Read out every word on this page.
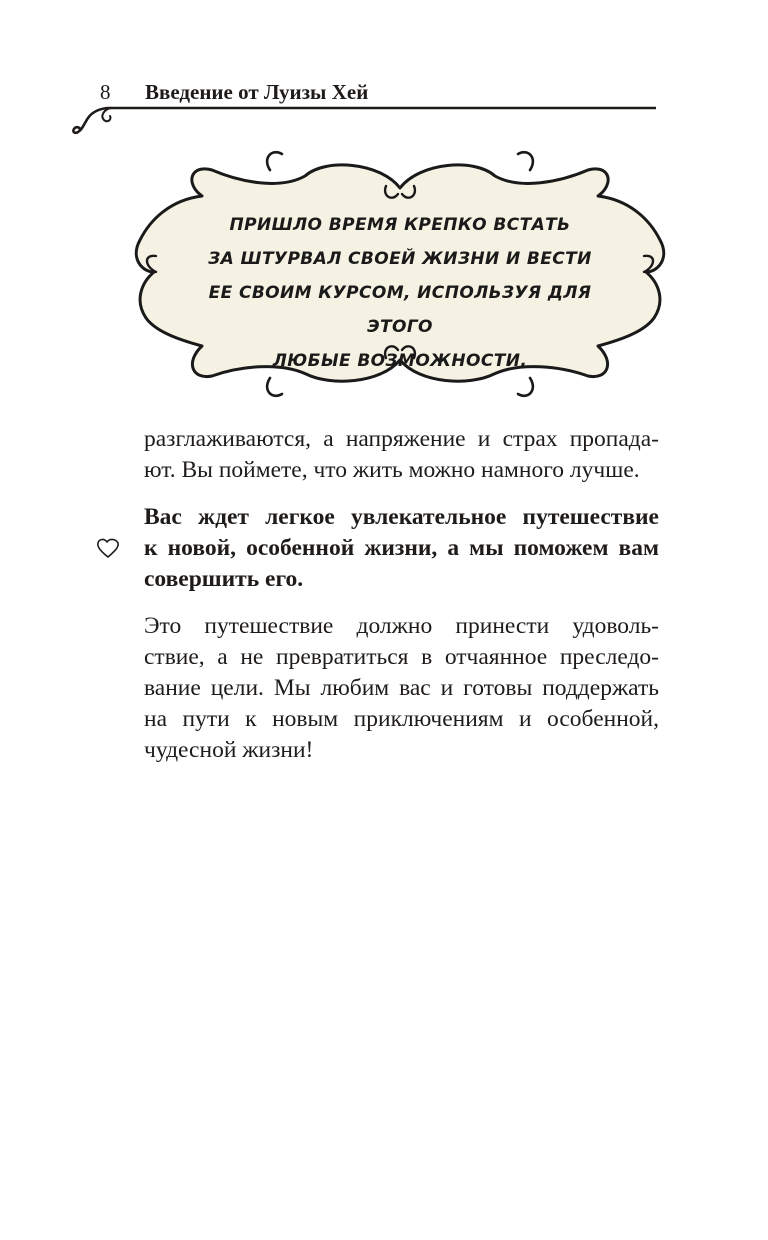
8 Введение от Луизы Хей
ПРИШЛО ВРЕМЯ КРЕПКО ВСТАТЬ
ЗА ШТУРВАЛ СВОЕЙ ЖИЗНИ И ВЕСТИ
ЕЕ СВОИМ КУРСОМ, ИСПОЛЬЗУЯ ДЛЯ ЭТОГО
ЛЮБЫЕ ВОЗМОЖНОСТИ.
разглаживаются, а напряжение и страх пропада-
ют. Вы поймете, что жить можно намного лучше.
Вас ждет легкое увлекательное путешествие
к новой, особенной жизни, а мы поможем вам
совершить его.
Это путешествие должно принести удоволь-
ствие, а не превратиться в отчаянное преследо-
вание цели. Мы любим вас и готовы поддержать
на пути к новым приключениям и особенной,
чудесной жизни!
